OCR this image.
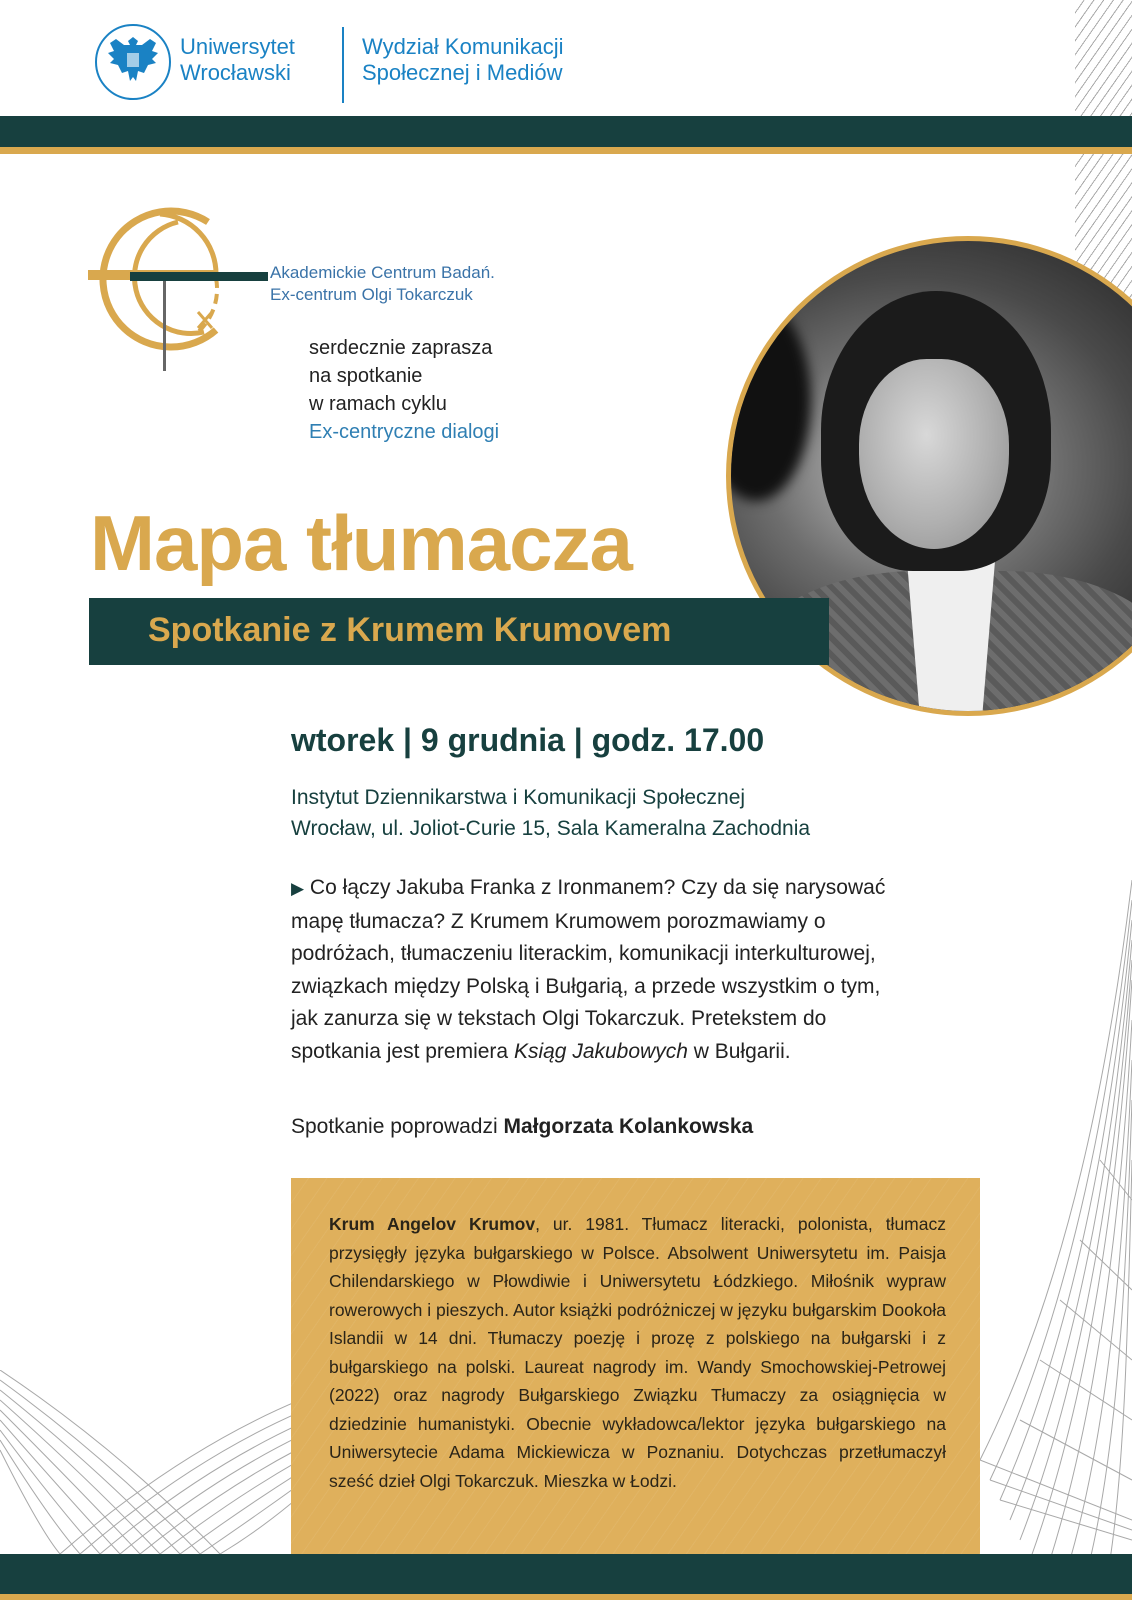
Uniwersytet
Wrocławski
Wydział Komunikacji
Społecznej i Mediów
Akademickie Centrum Badań.
Ex-centrum Olgi Tokarczuk
serdecznie zaprasza
na spotkanie
w ramach cyklu
Ex-centryczne dialogi
Mapa tłumacza
Spotkanie z Krumem Krumovem
wtorek | 9 grudnia | godz. 17.00
Instytut Dziennikarstwa i Komunikacji Społecznej
Wrocław, ul. Joliot-Curie 15, Sala Kameralna Zachodnia
▶ Co łączy Jakuba Franka z Ironmanem? Czy da się narysować mapę tłumacza? Z Krumem Krumowem porozmawiamy o podróżach, tłumaczeniu literackim, komunikacji interkulturowej, związkach między Polską i Bułgarią, a przede wszystkim o tym, jak zanurza się w tekstach Olgi Tokarczuk. Pretekstem do spotkania jest premiera Ksiąg Jakubowych w Bułgarii.
Spotkanie poprowadzi Małgorzata Kolankowska
Krum Angelov Krumov, ur. 1981. Tłumacz literacki, polonista, tłumacz przysięgły języka bułgarskiego w Polsce. Absolwent Uniwersytetu im. Paisja Chilendarskiego w Płowdiwie i Uniwersytetu Łódzkiego. Miłośnik wypraw rowerowych i pieszych. Autor książki podróżniczej w języku bułgarskim Dookoła Islandii w 14 dni. Tłumaczy poezję i prozę z polskiego na bułgarski i z bułgarskiego na polski. Laureat nagrody im. Wandy Smochowskiej-Petrowej (2022) oraz nagrody Bułgarskiego Związku Tłumaczy za osiągnięcia w dziedzinie humanistyki. Obecnie wykładowca/lektor języka bułgarskiego na Uniwersytecie Adama Mickiewicza w Poznaniu. Dotychczas przetłumaczył sześć dzieł Olgi Tokarczuk. Mieszka w Łodzi.
